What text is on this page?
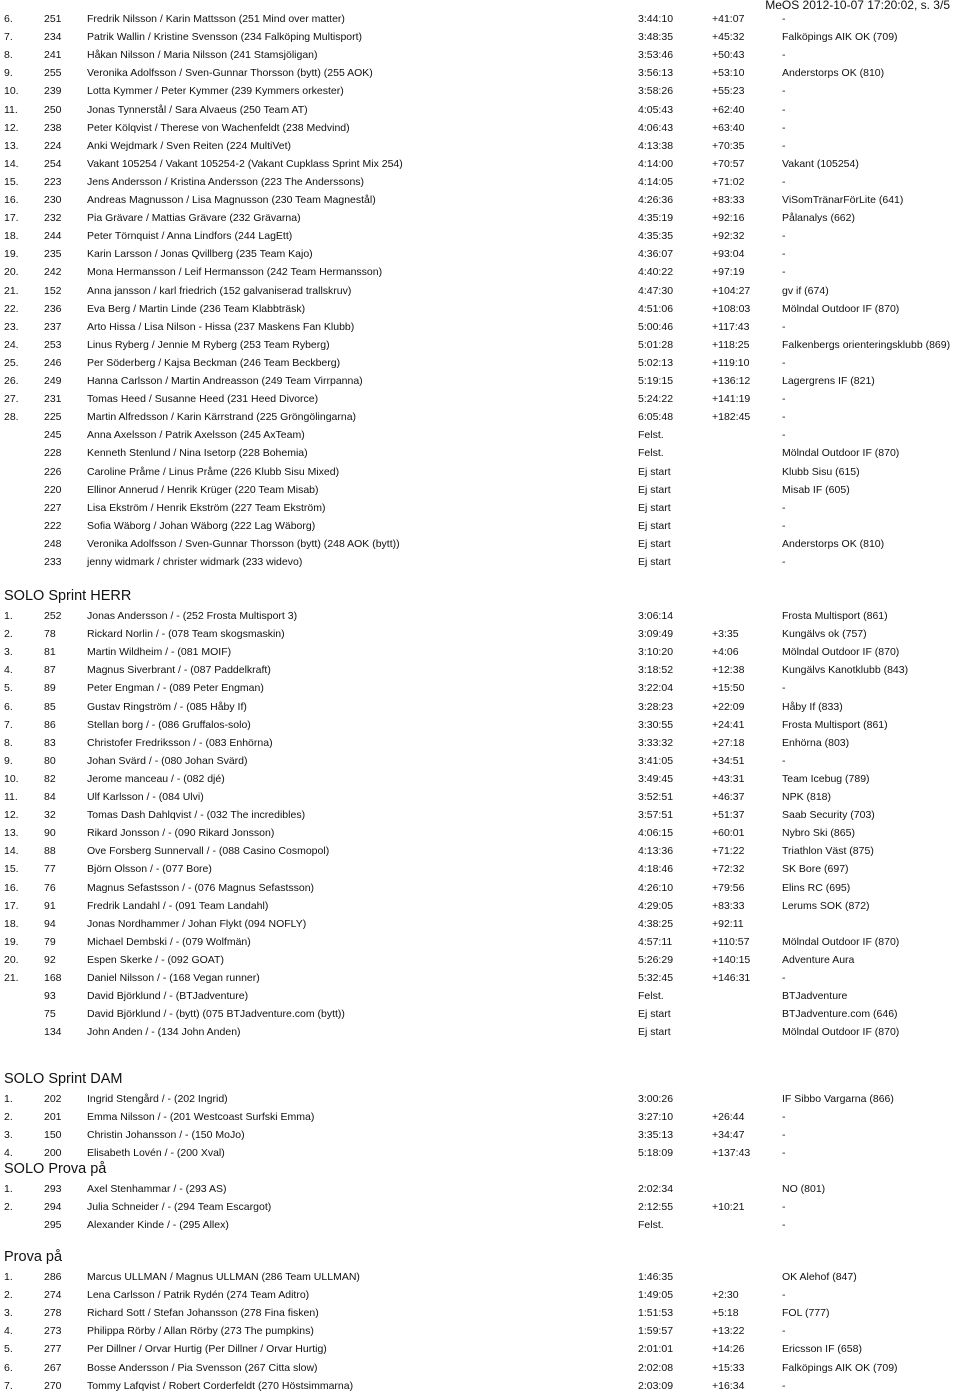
MeOS 2012-10-07 17:20:02, s. 3/5
6.	251 Fredrik Nilsson / Karin Mattsson (251 Mind over matter)	3:44:10	+41:07	-
7.	234 Patrik Wallin / Kristine Svensson (234 Falköping Multisport)	3:48:35	+45:32	Falköpings AIK OK (709)
8.	241 Håkan Nilsson / Maria Nilsson (241 Stamsjöligan)	3:53:46	+50:43	-
9.	255 Veronika Adolfsson / Sven-Gunnar Thorsson (bytt) (255 AOK)	3:56:13	+53:10	Anderstorps OK (810)
10. 239 Lotta Kymmer / Peter Kymmer (239 Kymmers orkester)	3:58:26	+55:23	-
11. 250 Jonas Tynnerstål / Sara Alvaeus (250 Team AT)	4:05:43	+62:40	-
12. 238 Peter Kölqvist / Therese von Wachenfeldt (238 Medvind)	4:06:43	+63:40	-
13. 224 Anki Wejdmark / Sven Reiten (224 MultiVet)	4:13:38	+70:35	-
14. 254 Vakant 105254 / Vakant 105254-2 (Vakant Cupklass Sprint Mix 254)	4:14:00	+70:57	Vakant (105254)
15. 223 Jens Andersson / Kristina Andersson (223 The Anderssons)	4:14:05	+71:02	-
16. 230 Andreas Magnusson / Lisa Magnusson (230 Team Magnestål)	4:26:36	+83:33	ViSomTränarFörLite (641)
17. 232 Pia Grävare / Mattias Grävare (232 Grävarna)	4:35:19	+92:16	Pålanalys (662)
18. 244 Peter Törnquist / Anna Lindfors (244 LagEtt)	4:35:35	+92:32	-
19. 235 Karin Larsson / Jonas Qvillberg (235 Team Kajo)	4:36:07	+93:04	-
20. 242 Mona Hermansson / Leif Hermansson (242 Team Hermansson)	4:40:22	+97:19	-
21. 152 Anna jansson / karl friedrich (152 galvaniserad trallskruv)	4:47:30	+104:27	gv if (674)
22. 236 Eva Berg / Martin Linde (236 Team Klabbträsk)	4:51:06	+108:03	Mölndal Outdoor IF (870)
23. 237 Arto Hissa / Lisa Nilson - Hissa (237 Maskens Fan Klubb)	5:00:46	+117:43	-
24. 253 Linus Ryberg / Jennie M Ryberg (253 Team Ryberg)	5:01:28	+118:25	Falkenbergs orienteringsklubb (869)
25. 246 Per Söderberg / Kajsa Beckman (246 Team Beckberg)	5:02:13	+119:10	-
26. 249 Hanna Carlsson / Martin Andreasson (249 Team Virrpanna)	5:19:15	+136:12	Lagergrens IF (821)
27. 231 Tomas Heed / Susanne Heed (231 Heed Divorce)	5:24:22	+141:19	-
28. 225 Martin Alfredsson / Karin Kärrstrand (225 Gröngölingarna)	6:05:48	+182:45	-
245 Anna Axelsson / Patrik Axelsson (245 AxTeam)	Felst.	-
228 Kenneth Stenlund / Nina Isetorp (228 Bohemia)	Felst.	Mölndal Outdoor IF (870)
226 Caroline Pråme / Linus Pråme (226 Klubb Sisu Mixed)	Ej start	Klubb Sisu (615)
220 Ellinor Annerud / Henrik Krüger (220 Team Misab)	Ej start	Misab IF (605)
227 Lisa Ekström / Henrik Ekström (227 Team Ekström)	Ej start	-
222 Sofia Wäborg / Johan Wäborg (222 Lag Wäborg)	Ej start	-
248 Veronika Adolfsson / Sven-Gunnar Thorsson (bytt) (248 AOK (bytt))	Ej start	Anderstorps OK (810)
233 jenny widmark / christer widmark (233 widevo)	Ej start	-
SOLO Sprint HERR
1.	252 Jonas Andersson / - (252 Frosta Multisport 3)	3:06:14	Frosta Multisport (861)
2.	78	Rickard Norlin / - (078 Team skogsmaskin)	3:09:49	+3:35	Kungälvs ok (757)
3.	81	Martin Wildheim / - (081 MOIF)	3:10:20	+4:06	Mölndal Outdoor IF (870)
4.	87	Magnus Siverbrant / - (087 Paddelkraft)	3:18:52	+12:38	Kungälvs Kanotklubb (843)
5.	89	Peter Engman / - (089 Peter Engman)	3:22:04	+15:50	-
6.	85	Gustav Ringström / - (085 Håby If)	3:28:23	+22:09	Håby If (833)
7.	86	Stellan borg / - (086 Gruffalos-solo)	3:30:55	+24:41	Frosta Multisport (861)
8.	83	Christofer Fredriksson / - (083 Enhörna)	3:33:32	+27:18	Enhörna (803)
9.	80	Johan Svärd / - (080 Johan Svärd)	3:41:05	+34:51	-
10. 82	Jerome manceau / - (082 djé)	3:49:45	+43:31	Team Icebug (789)
11. 84	Ulf Karlsson / - (084 Ulvi)	3:52:51	+46:37	NPK (818)
12. 32	Tomas Dash Dahlqvist / - (032 The incredibles)	3:57:51	+51:37	Saab Security (703)
13. 90	Rikard Jonsson / - (090 Rikard Jonsson)	4:06:15	+60:01	Nybro Ski (865)
14. 88	Ove Forsberg Sunnervall / - (088 Casino Cosmopol)	4:13:36	+71:22	Triathlon Väst (875)
15. 77	Björn Olsson / - (077 Bore)	4:18:46	+72:32	SK Bore (697)
16. 76	Magnus Sefastsson / - (076 Magnus Sefastsson)	4:26:10	+79:56	Elins RC (695)
17. 91	Fredrik Landahl / - (091 Team Landahl)	4:29:05	+83:33	Lerums SOK (872)
18. 94	Jonas Nordhammer / Johan Flykt (094 NOFLY)	4:38:25	+92:11
19. 79	Michael Dembski / - (079 Wolfmän)	4:57:11	+110:57	Mölndal Outdoor IF (870)
20. 92	Espen Skerke / - (092 GOAT)	5:26:29	+140:15	Adventure Aura
21. 168 Daniel Nilsson / - (168 Vegan runner)	5:32:45	+146:31	-
93	David Björklund / - (BTJadventure)	Felst.	BTJadventure
75	David Björklund / - (bytt) (075 BTJadventure.com (bytt))	Ej start	BTJadventure.com (646)
134 John Anden / - (134 John Anden)	Ej start	Mölndal Outdoor IF (870)
SOLO Sprint DAM
1.	202 Ingrid Stengård / - (202 Ingrid)	3:00:26	IF Sibbo Vargarna (866)
2.	201 Emma Nilsson / - (201 Westcoast Surfski Emma)	3:27:10	+26:44	-
3.	150 Christin Johansson / - (150 MoJo)	3:35:13	+34:47	-
4.	200 Elisabeth Lovén / - (200 Xval)	5:18:09	+137:43	-
SOLO Prova på
1.	293 Axel Stenhammar / - (293 AS)	2:02:34	NO (801)
2.	294 Julia Schneider / - (294 Team Escargot)	2:12:55	+10:21	-
295 Alexander Kinde / - (295 Allex)	Felst.	-
Prova på
1.	286 Marcus ULLMAN / Magnus ULLMAN (286 Team ULLMAN)	1:46:35	OK Alehof (847)
2.	274 Lena Carlsson / Patrik Rydén (274 Team Aditro)	1:49:05	+2:30	-
3.	278 Richard Sott / Stefan Johansson (278 Fina fisken)	1:51:53	+5:18	FOL (777)
4.	273 Philippa Rörby / Allan Rörby (273 The pumpkins)	1:59:57	+13:22	-
5.	277 Per Dillner / Orvar Hurtig (Per Dillner / Orvar Hurtig)	2:01:01	+14:26	Ericsson IF (658)
6.	267 Bosse Andersson / Pia Svensson (267 Citta slow)	2:02:08	+15:33	Falköpings AIK OK (709)
7.	270 Tommy Lafqvist / Robert Corderfeldt (270 Höstsimmarna)	2:03:09	+16:34	-
